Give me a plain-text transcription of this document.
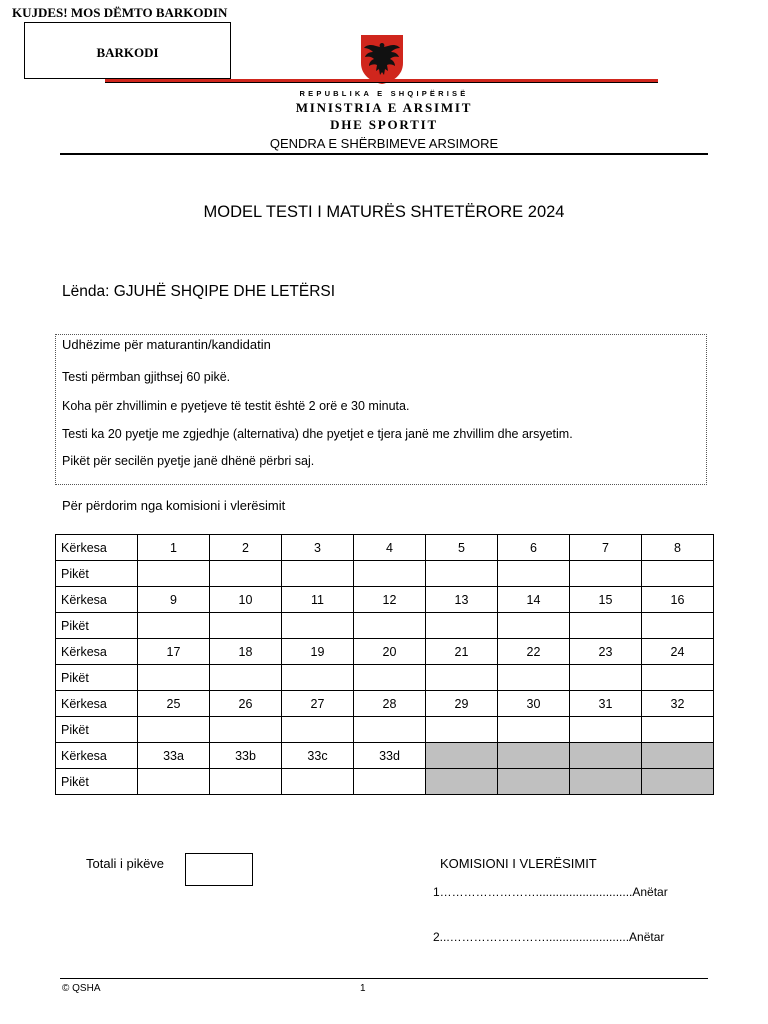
KUJDES! MOS DËMTO BARKODIN
BARKODI
REPUBLIKA E SHQIPËRISË
MINISTRIA E ARSIMIT
DHE SPORTIT
QENDRA E SHËRBIMEVE ARSIMORE
MODEL TESTI I MATURËS SHTETËRORE 2024
Lënda: GJUHË SHQIPE DHE LETËRSI
Udhëzime për maturantin/kandidatin
Testi përmban gjithsej 60 pikë.
Koha për zhvillimin e pyetjeve të testit është 2 orë e 30 minuta.
Testi ka 20 pyetje me zgjedhje (alternativa) dhe pyetjet e tjera janë me zhvillim dhe arsyetim.
Pikët për secilën pyetje janë dhënë përbri saj.
Për përdorim nga komisioni i vlerësimit
Kërkesa	1	2	3	4	5	6	7	8
Pikët								
Kërkesa	9	10	11	12	13	14	15	16
Pikët								
Kërkesa	17	18	19	20	21	22	23	24
Pikët								
Kërkesa	25	26	27	28	29	30	31	32
Pikët								
Kërkesa	33a	33b	33c	33d				
Pikët								
Totali i pikëve	KOMISIONI I VLERËSIMIT
1…………………….............................Anëtar
2...…………………….........................Anëtar
© QSHA	1
